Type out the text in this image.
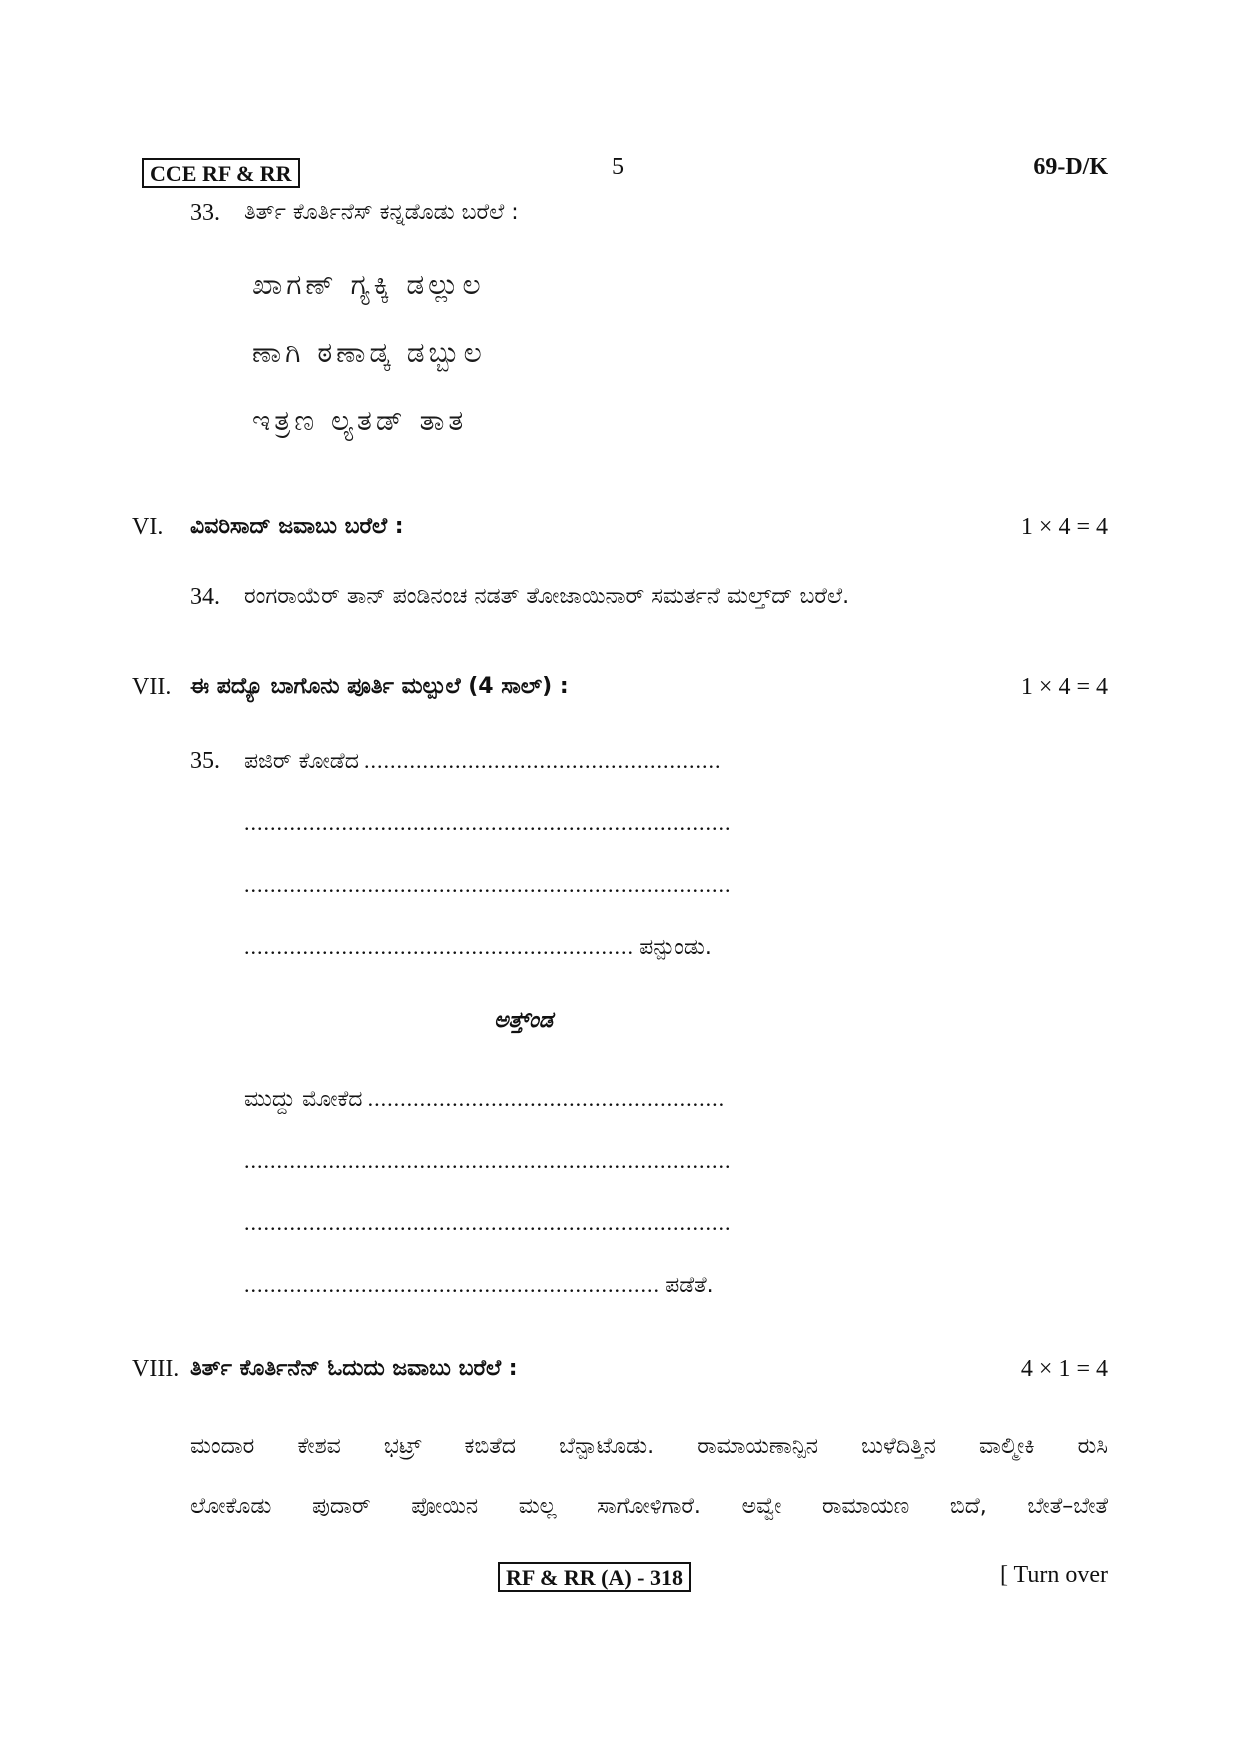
CCE RF & RR	5	69-D/K
33. ತಿರ್ತ್ ಕೊರ್ತಿನೆಸ್ ಕನ್ನಡೊಡು ಬರೆಲೆ :
ಖಾಗಣ್ ಗ್ಯಕ್ಕಿ ಡಲ್ಲುಲ
ಣಾಗಿ ಠಣಾಡ್ಕ ಡಬ್ಬುಲ
ಇತ್ರಣ ಲ್ಯತಡ್ ತಾತ
VI. ವಿವರಿಸಾದ್ ಜವಾಬು ಬರೆಲೆ :	1 × 4 = 4
34. ರಂಗರಾಯೆರ್ ತಾನ್ ಪಂಡಿನಂಚ ನಡತ್ ತೋಜಾಯಿನಾರ್ ಸಮರ್ತನೆ ಮಲ್ತ್‌ದ್ ಬರೆಲೆ.
VII. ಈ ಪದ್ಯೊ ಬಾಗೊನು ಪೂರ್ತಿ ಮಲ್ಪುಲೆ (4 ಸಾಲ್) :	1 × 4 = 4
35. ಪಜಿರ್ ಕೋಡೆದ .......................................................
...........................................................................
...........................................................................
............................................................ ಪನ್ಪುಂಡು.
ಅತ್ತ್ಂಡ
ಮುದ್ದು ಮೋಕೆದ .......................................................
...........................................................................
...........................................................................
................................................................ ಪಡೆತೆ.
VIII. ತಿರ್ತ್ ಕೊರ್ತಿನೆನ್ ಓದುದು ಜವಾಬು ಬರೆಲೆ :	4 × 1 = 4
ಮಂದಾರ ಕೇಶವ ಭಟ್ರ್ ಕಬಿತೆದ ಬೆನ್ಪಾಟೊಡು. ರಾಮಾಯಣಾನ್ಪಿನ ಬುಳೆದಿತ್ತಿನ ವಾಲ್ಮೀಕಿ ರುಸಿ
ಲೋಕೊಡು ಪುದಾರ್ ಪೋಯಿನ ಮಲ್ಲ ಸಾಗೋಳಿಗಾರೆ. ಅವ್ವೇ ರಾಮಾಯಣ ಬಿದೆ, ಬೇತೆ–ಬೇತೆ
RF & RR (A) - 318	[ Turn over
